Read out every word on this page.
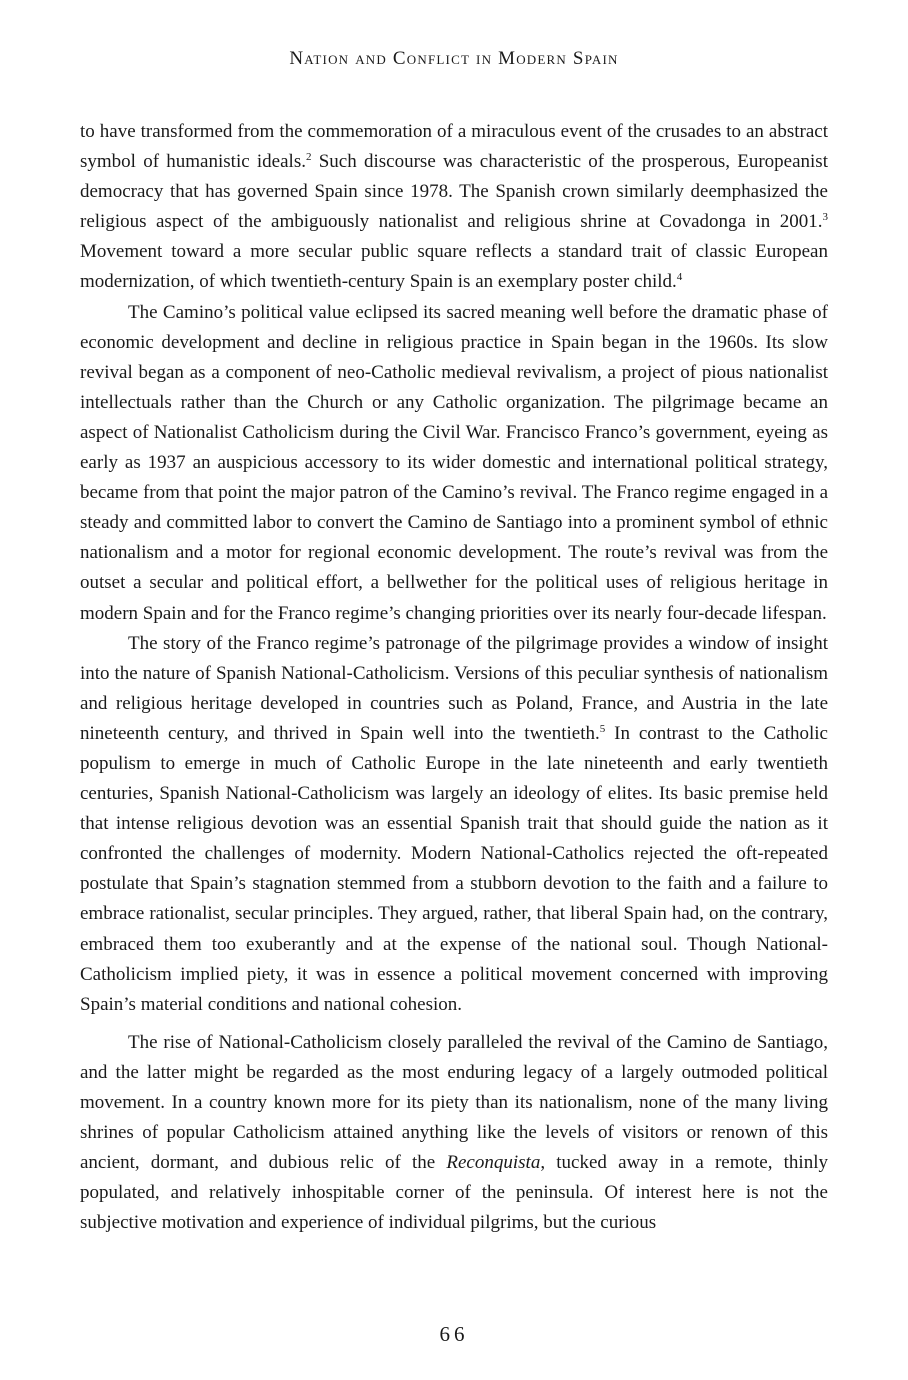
Nation and Conflict in Modern Spain

to have transformed from the commemoration of a miraculous event of the crusades to an abstract symbol of humanistic ideals.$^2$ Such discourse was characteristic of the prosperous, Europeanist democracy that has governed Spain since 1978. The Spanish crown similarly deemphasized the religious aspect of the ambiguously nationalist and religious shrine at Covadonga in 2001.$^3$ Movement toward a more secular public square reflects a standard trait of classic European modernization, of which twentieth-century Spain is an exemplary poster child.$^4$

The Camino’s political value eclipsed its sacred meaning well before the dramatic phase of economic development and decline in religious practice in Spain began in the 1960s. Its slow revival began as a component of neo-Catholic medieval revivalism, a project of pious nationalist intellectuals rather than the Church or any Catholic organization. The pilgrimage became an aspect of Nationalist Catholicism during the Civil War. Francisco Franco’s government, eyeing as early as 1937 an auspicious accessory to its wider domestic and international political strategy, became from that point the major patron of the Camino’s revival. The Franco regime engaged in a steady and committed labor to convert the Camino de Santiago into a prominent symbol of ethnic nationalism and a motor for regional economic development. The route’s revival was from the outset a secular and political effort, a bellwether for the political uses of religious heritage in modern Spain and for the Franco regime’s changing priorities over its nearly four-decade lifespan.

The story of the Franco regime’s patronage of the pilgrimage provides a window of insight into the nature of Spanish National-Catholicism. Versions of this peculiar synthesis of nationalism and religious heritage developed in countries such as Poland, France, and Austria in the late nineteenth century, and thrived in Spain well into the twentieth.$^5$ In contrast to the Catholic populism to emerge in much of Catholic Europe in the late nineteenth and early twentieth centuries, Spanish National-Catholicism was largely an ideology of elites. Its basic premise held that intense religious devotion was an essential Spanish trait that should guide the nation as it confronted the challenges of modernity. Modern National-Catholics rejected the oft-repeated postulate that Spain’s stagnation stemmed from a stubborn devotion to the faith and a failure to embrace rationalist, secular principles. They argued, rather, that liberal Spain had, on the contrary, embraced them too exuberantly and at the expense of the national soul. Though National-Catholicism implied piety, it was in essence a political movement concerned with improving Spain’s material conditions and national cohesion.

The rise of National-Catholicism closely paralleled the revival of the Camino de Santiago, and the latter might be regarded as the most enduring legacy of a largely outmoded political movement. In a country known more for its piety than its nationalism, none of the many living shrines of popular Catholicism attained anything like the levels of visitors or renown of this ancient, dormant, and dubious relic of the Reconquista, tucked away in a remote, thinly populated, and relatively inhospitable corner of the peninsula. Of interest here is not the subjective motivation and experience of individual pilgrims, but the curious

66
